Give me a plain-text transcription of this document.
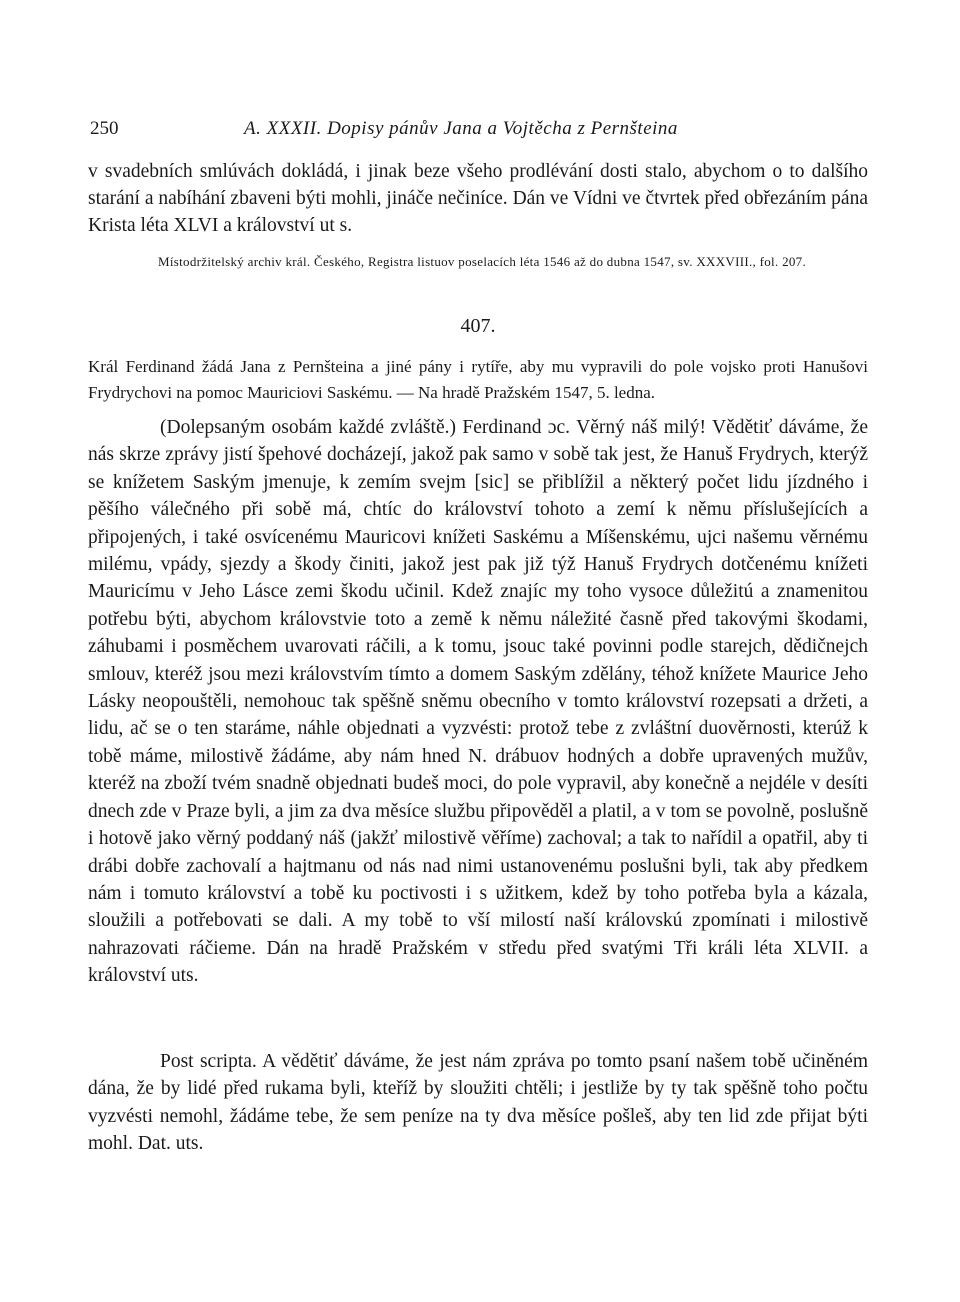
250	A. XXXII. Dopisy pánův Jana a Vojtěcha z Pernšteina

v svadebních smlúvách dokládá, i jinak beze všeho prodlévání dosti stalo, abychom o to dalšího starání a nabíhání zbaveni býti mohli, jináče nečiníce. Dán ve Vídni ve čtvrtek před obřezáním pána Krista léta XLVI a království ut s.

Místodržitelský archiv král. Českého, Registra listuov poselacích léta 1546 až do dubna 1547, sv. XXXVIII., fol. 207.

407.

Král Ferdinand žádá Jana z Pernšteina a jiné pány i rytíře, aby mu vypravili do pole vojsko proti Hanušovi Frydrychovi na pomoc Mauriciovi Saskému. — Na hradě Pražském 1547, 5. ledna.

(Dolepsaným osobám každé zvláště.) Ferdinand ɔc. Věrný náš milý! Vědětiť dáváme, že nás skrze zprávy jistí špehové docházejí, jakož pak samo v sobě tak jest, že Hanuš Frydrych, kterýž se knížetem Saským jmenuje, k zemím svejm [sic] se přiblížil a některý počet lidu jízdného i pěšího válečného při sobě má, chtíc do království tohoto a zemí k němu příslušejících a připojených, i také osvícenému Mauricovi knížeti Saskému a Míšenskému, ujci našemu věrnému milému, vpády, sjezdy a škody činiti, jakož jest pak již týž Hanuš Frydrych dotčenému knížeti Mauricímu v Jeho Lásce zemi škodu učinil. Kdež znajíc my toho vysoce důležitú a znamenitou potřebu býti, abychom královstvie toto a země k němu náležité časně před takovými škodami, záhubami i posměchem uvarovati ráčili, a k tomu, jsouc také povinni podle starejch, dědičnejch smlouv, kteréž jsou mezi královstvím tímto a domem Saským zdělány, téhož knížete Maurice Jeho Lásky neopouštěli, nemohouc tak spěšně sněmu obecního v tomto království rozepsati a držeti, a lidu, ač se o ten staráme, náhle objednati a vyzvésti: protož tebe z zvláštní duověrnosti, kterúž k tobě máme, milostivě žádáme, aby nám hned N. drábuov hodných a dobře upravených mužův, kteréž na zboží tvém snadně objednati budeš moci, do pole vypravil, aby konečně a nejdéle v desíti dnech zde v Praze byli, a jim za dva měsíce službu připověděl a platil, a v tom se povolně, poslušně i hotově jako věrný poddaný náš (jakžť milostivě věříme) zachoval; a tak to nařídil a opatřil, aby ti drábi dobře zachovalí a hajtmanu od nás nad nimi ustanovenému poslušni byli, tak aby předkem nám i tomuto království a tobě ku poctivosti i s užitkem, kdež by toho potřeba byla a kázala, sloužili a potřebovati se dali. A my tobě to vší milostí naší královskú zpomínati i milostivě nahrazovati ráčieme. Dán na hradě Pražském v středu před svatými Tři králi léta XLVII. a království uts.

Post scripta. A vědětiť dáváme, že jest nám zpráva po tomto psaní našem tobě učiněném dána, že by lidé před rukama byli, kteříž by sloužiti chtěli; i jestliže by ty tak spěšně toho počtu vyzvésti nemohl, žádáme tebe, že sem peníze na ty dva měsíce pošleš, aby ten lid zde přijat býti mohl. Dat. uts.
